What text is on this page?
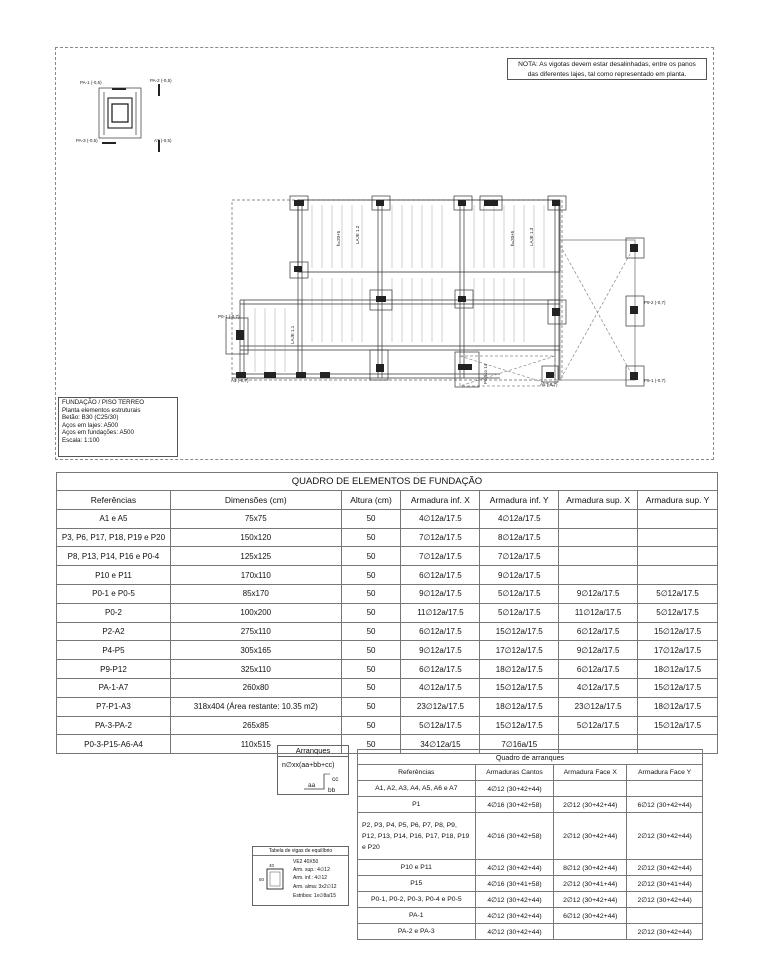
NOTA: As vigotas devem estar desalinhadas, entre os panos
das diferentes lajes, tal como representado em planta.
A1 (-0,7)
A5 (-0,7)
P0-1 (-0,7)
P9-2 (-0,7)
P9-1 (-0,7)
PA-1 (-0,5)	PA-2 (-0,5)
PA-3 (-0,5)	A7 (-0,5)
Pórtico 14
LAJE 1.1
LAJE 1.2	LAJE 1.3
h=20+5	h=20+5
FUNDAÇÃO / PISO TERREO
Planta elementos estruturais
Betão: B30 (C25/30)
Aços em lajes: A500
Aços em fundações: A500
Escala: 1:100
QUADRO DE ELEMENTOS DE FUNDAÇÃO						
Referências	Dimensões (cm)	Altura (cm)	Armadura inf. X	Armadura inf. Y	Armadura sup. X	Armadura sup. Y
A1 e A5	75x75	50	4∅12a/17.5	4∅12a/17.5		
P3, P6, P17, P18, P19 e P20	150x120	50	7∅12a/17.5	8∅12a/17.5		
P8, P13, P14, P16 e P0-4	125x125	50	7∅12a/17.5	7∅12a/17.5		
P10 e P11	170x110	50	6∅12a/17.5	9∅12a/17.5		
P0-1 e P0-5	85x170	50	9∅12a/17.5	5∅12a/17.5	9∅12a/17.5	5∅12a/17.5
P0-2	100x200	50	11∅12a/17.5	5∅12a/17.5	11∅12a/17.5	5∅12a/17.5
P2-A2	275x110	50	6∅12a/17.5	15∅12a/17.5	6∅12a/17.5	15∅12a/17.5
P4-P5	305x165	50	9∅12a/17.5	17∅12a/17.5	9∅12a/17.5	17∅12a/17.5
P9-P12	325x110	50	6∅12a/17.5	18∅12a/17.5	6∅12a/17.5	18∅12a/17.5
PA-1-A7	260x80	50	4∅12a/17.5	15∅12a/17.5	4∅12a/17.5	15∅12a/17.5
P7-P1-A3	318x404 (Área restante: 10.35 m2)	50	23∅12a/17.5	18∅12a/17.5	23∅12a/17.5	18∅12a/17.5
PA-3-PA-2	265x85	50	5∅12a/17.5	15∅12a/17.5	5∅12a/17.5	15∅12a/17.5
P0-3-P15-A6-A4	110x515	50	34∅12a/15	7∅16a/15		
Arranques
n∅xx(aa+bb+cc)
cc
aa
bb
Tabela de vigas de equilíbrio
40
50
VE2 40X50
Arm. sup.: 4∅12
Arm. inf.: 4∅12
Arm. alma: 3x2∅12
Estribos: 1x∅8a/15
Quadro de arranques			
Referências	Armaduras Cantos	Armadura Face X	Armadura Face Y
A1, A2, A3, A4, A5, A6 e A7	4∅12 (30+42+44)		
P1	4∅16 (30+42+58)	2∅12 (30+42+44)	6∅12 (30+42+44)
P2, P3, P4, P5, P6, P7, P8, P9, P12, P13, P14, P16, P17, P18, P19 e P20	4∅16 (30+42+58)	2∅12 (30+42+44)	2∅12 (30+42+44)
P10 e P11	4∅12 (30+42+44)	8∅12 (30+42+44)	2∅12 (30+42+44)
P15	4∅16 (30+41+58)	2∅12 (30+41+44)	2∅12 (30+41+44)
P0-1, P0-2, P0-3, P0-4 e P0-5	4∅12 (30+42+44)	2∅12 (30+42+44)	2∅12 (30+42+44)
PA-1	4∅12 (30+42+44)	6∅12 (30+42+44)	
PA-2 e PA-3	4∅12 (30+42+44)		2∅12 (30+42+44)
